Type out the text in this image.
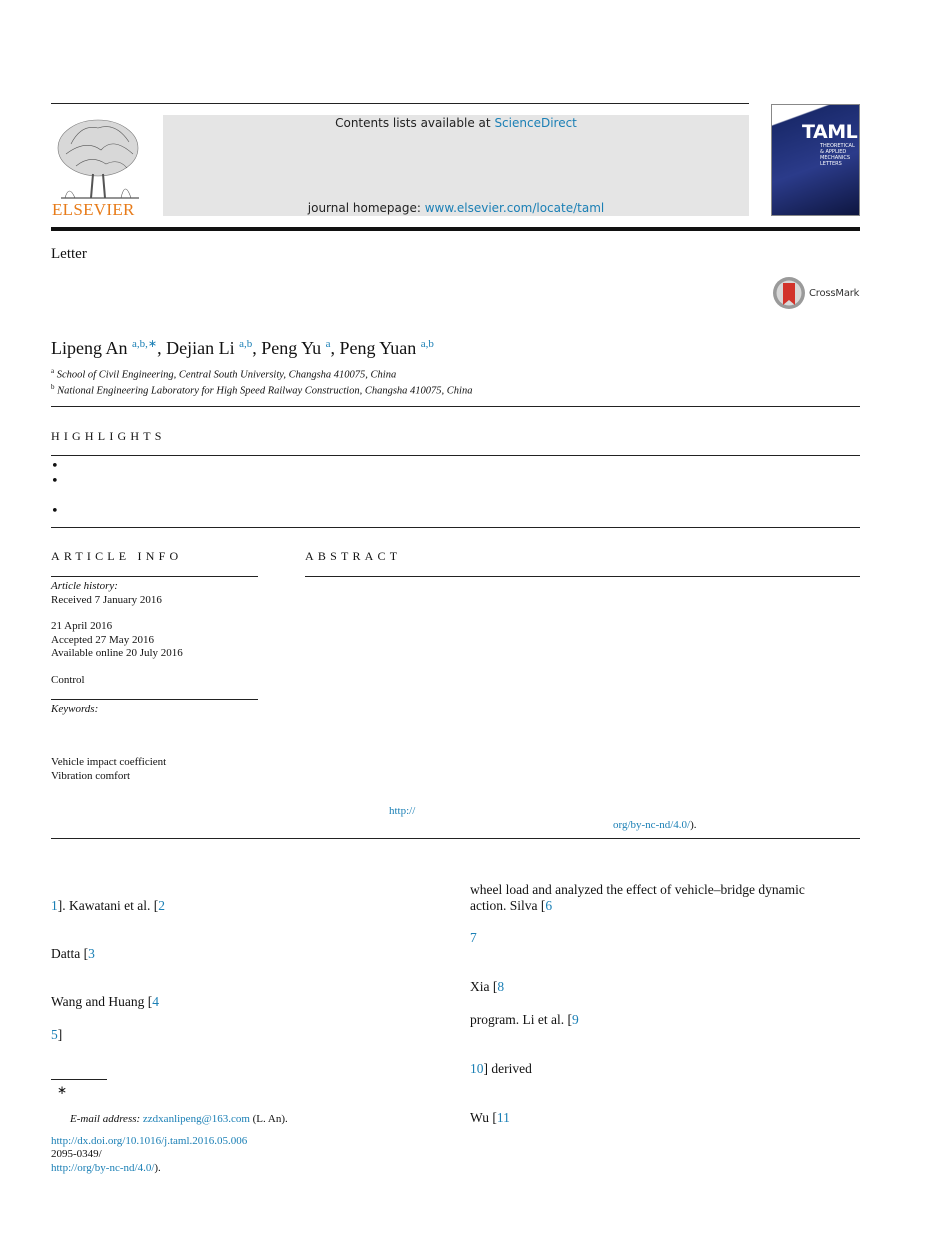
ELSEVIER
Contents lists available at ScienceDirect
journal homepage: www.elsevier.com/locate/taml
TAML
THEORETICAL & APPLIED MECHANICS LETTERS
Letter
CrossMark
Lipeng An $^{a,b,∗}$, Dejian Li $^{a,b}$, Peng Yu $^a$, Peng Yuan $^{a,b}$
$^a$ School of Civil Engineering, Central South University, Changsha 410075, China
$^b$ National Engineering Laboratory for High Speed Railway Construction, Changsha 410075, China
HIGHLIGHTS
•
•
•
ARTICLE INFO
Article history:
Received 7 January 2016
21 April 2016
Accepted 27 May 2016
Available online 20 July 2016
Control
Keywords:
Vehicle impact coefficient
Vibration comfort
ABSTRACT
http://
org/by-nc-nd/4.0/).
1]. Kawatani et al. [2
Datta [3
Wang and Huang [4
5]
wheel load and analyzed the effect of vehicle–bridge dynamic
action. Silva [6
7
Xia [8
program. Li et al. [9
10] derived
Wu [11
∗
E-mail address: zzdxanlipeng@163.com (L. An).
http://dx.doi.org/10.1016/j.taml.2016.05.006
2095-0349/
http://org/by-nc-nd/4.0/).
